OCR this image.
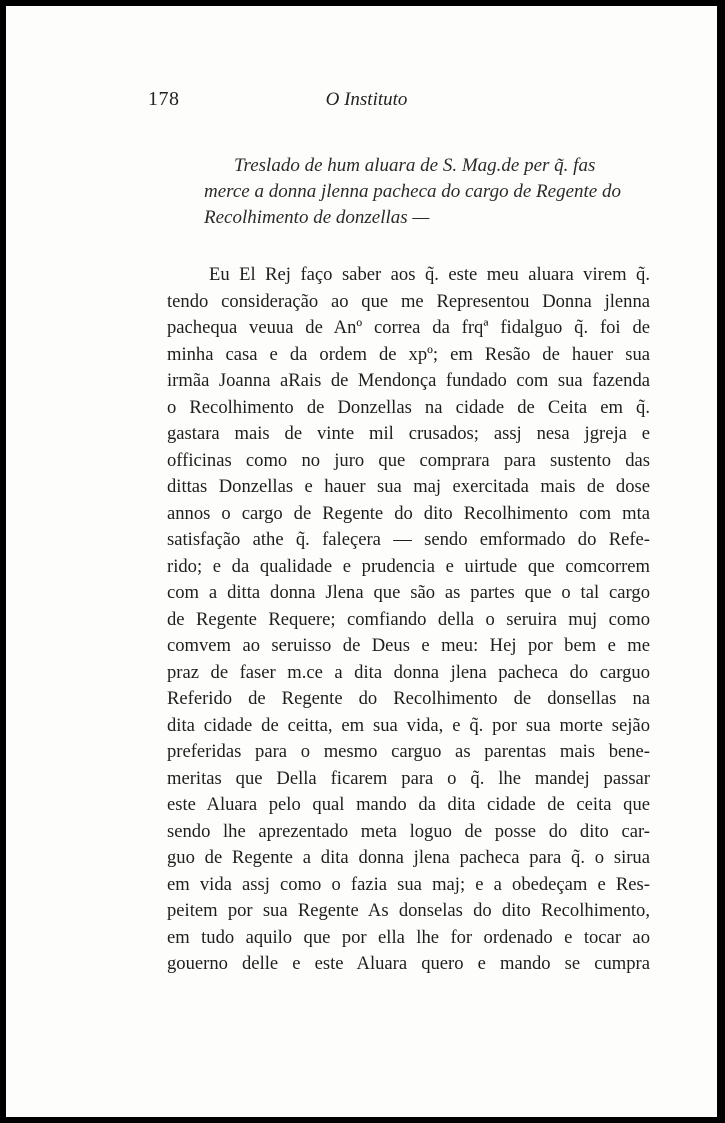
178	O Instituto
Treslado de hum aluara de S. Mag.de per q̃. fas
merce a donna jlenna pacheca do cargo de Regente do
Recolhimento de donzellas —
Eu El Rej faço saber aos q̃. este meu aluara virem q̃.
tendo consideração ao que me Representou Donna jlenna
pachequa veuua de Anº correa da frqª fidalguo q̃. foi de
minha casa e da ordem de xpº; em Resão de hauer sua
irmãa Joanna aRais de Mendonça fundado com sua fazenda
o Recolhimento de Donzellas na cidade de Ceita em q̃.
gastara mais de vinte mil crusados; assj nesa jgreja e
officinas como no juro que comprara para sustento das
dittas Donzellas e hauer sua maj exercitada mais de dose
annos o cargo de Regente do dito Recolhimento com mta
satisfação athe q̃. faleçera — sendo emformado do Refe-
rido; e da qualidade e prudencia e uirtude que comcorrem
com a ditta donna Jlena que são as partes que o tal cargo
de Regente Requere; comfiando della o seruira muj como
comvem ao seruisso de Deus e meu: Hej por bem e me
praz de faser m.ce a dita donna jlena pacheca do carguo
Referido de Regente do Recolhimento de donsellas na
dita cidade de ceitta, em sua vida, e q̃. por sua morte sejão
preferidas para o mesmo carguo as parentas mais bene-
meritas que Della ficarem para o q̃. lhe mandej passar
este Aluara pelo qual mando da dita cidade de ceita que
sendo lhe aprezentado meta loguo de posse do dito car-
guo de Regente a dita donna jlena pacheca para q̃. o sirua
em vida assj como o fazia sua maj; e a obedeçam e Res-
peitem por sua Regente As donselas do dito Recolhimento,
em tudo aquilo que por ella lhe for ordenado e tocar ao
gouerno delle e este Aluara quero e mando se cumpra
